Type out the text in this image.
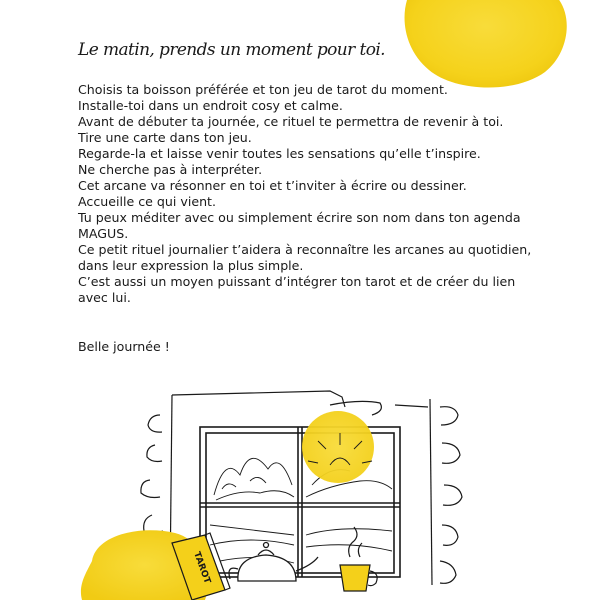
Le matin, prends un moment pour toi.
Choisis ta boisson préférée et ton jeu de tarot du moment.
Installe-toi dans un endroit cosy et calme.
Avant de débuter ta journée, ce rituel te permettra de revenir à toi.
Tire une carte dans ton jeu.
Regarde-la et laisse venir toutes les sensations qu’elle t’inspire.
Ne cherche pas à interpréter.
Cet arcane va résonner en toi et t’inviter à écrire ou dessiner.
Accueille ce qui vient.
Tu peux méditer avec ou simplement écrire son nom dans ton agenda
MAGUS.
Ce petit rituel journalier t’aidera à reconnaître les arcanes au quotidien,
dans leur expression la plus simple.
C’est aussi un moyen puissant d’intégrer ton tarot et de créer du lien
avec lui.
Belle journée !
TAROT
